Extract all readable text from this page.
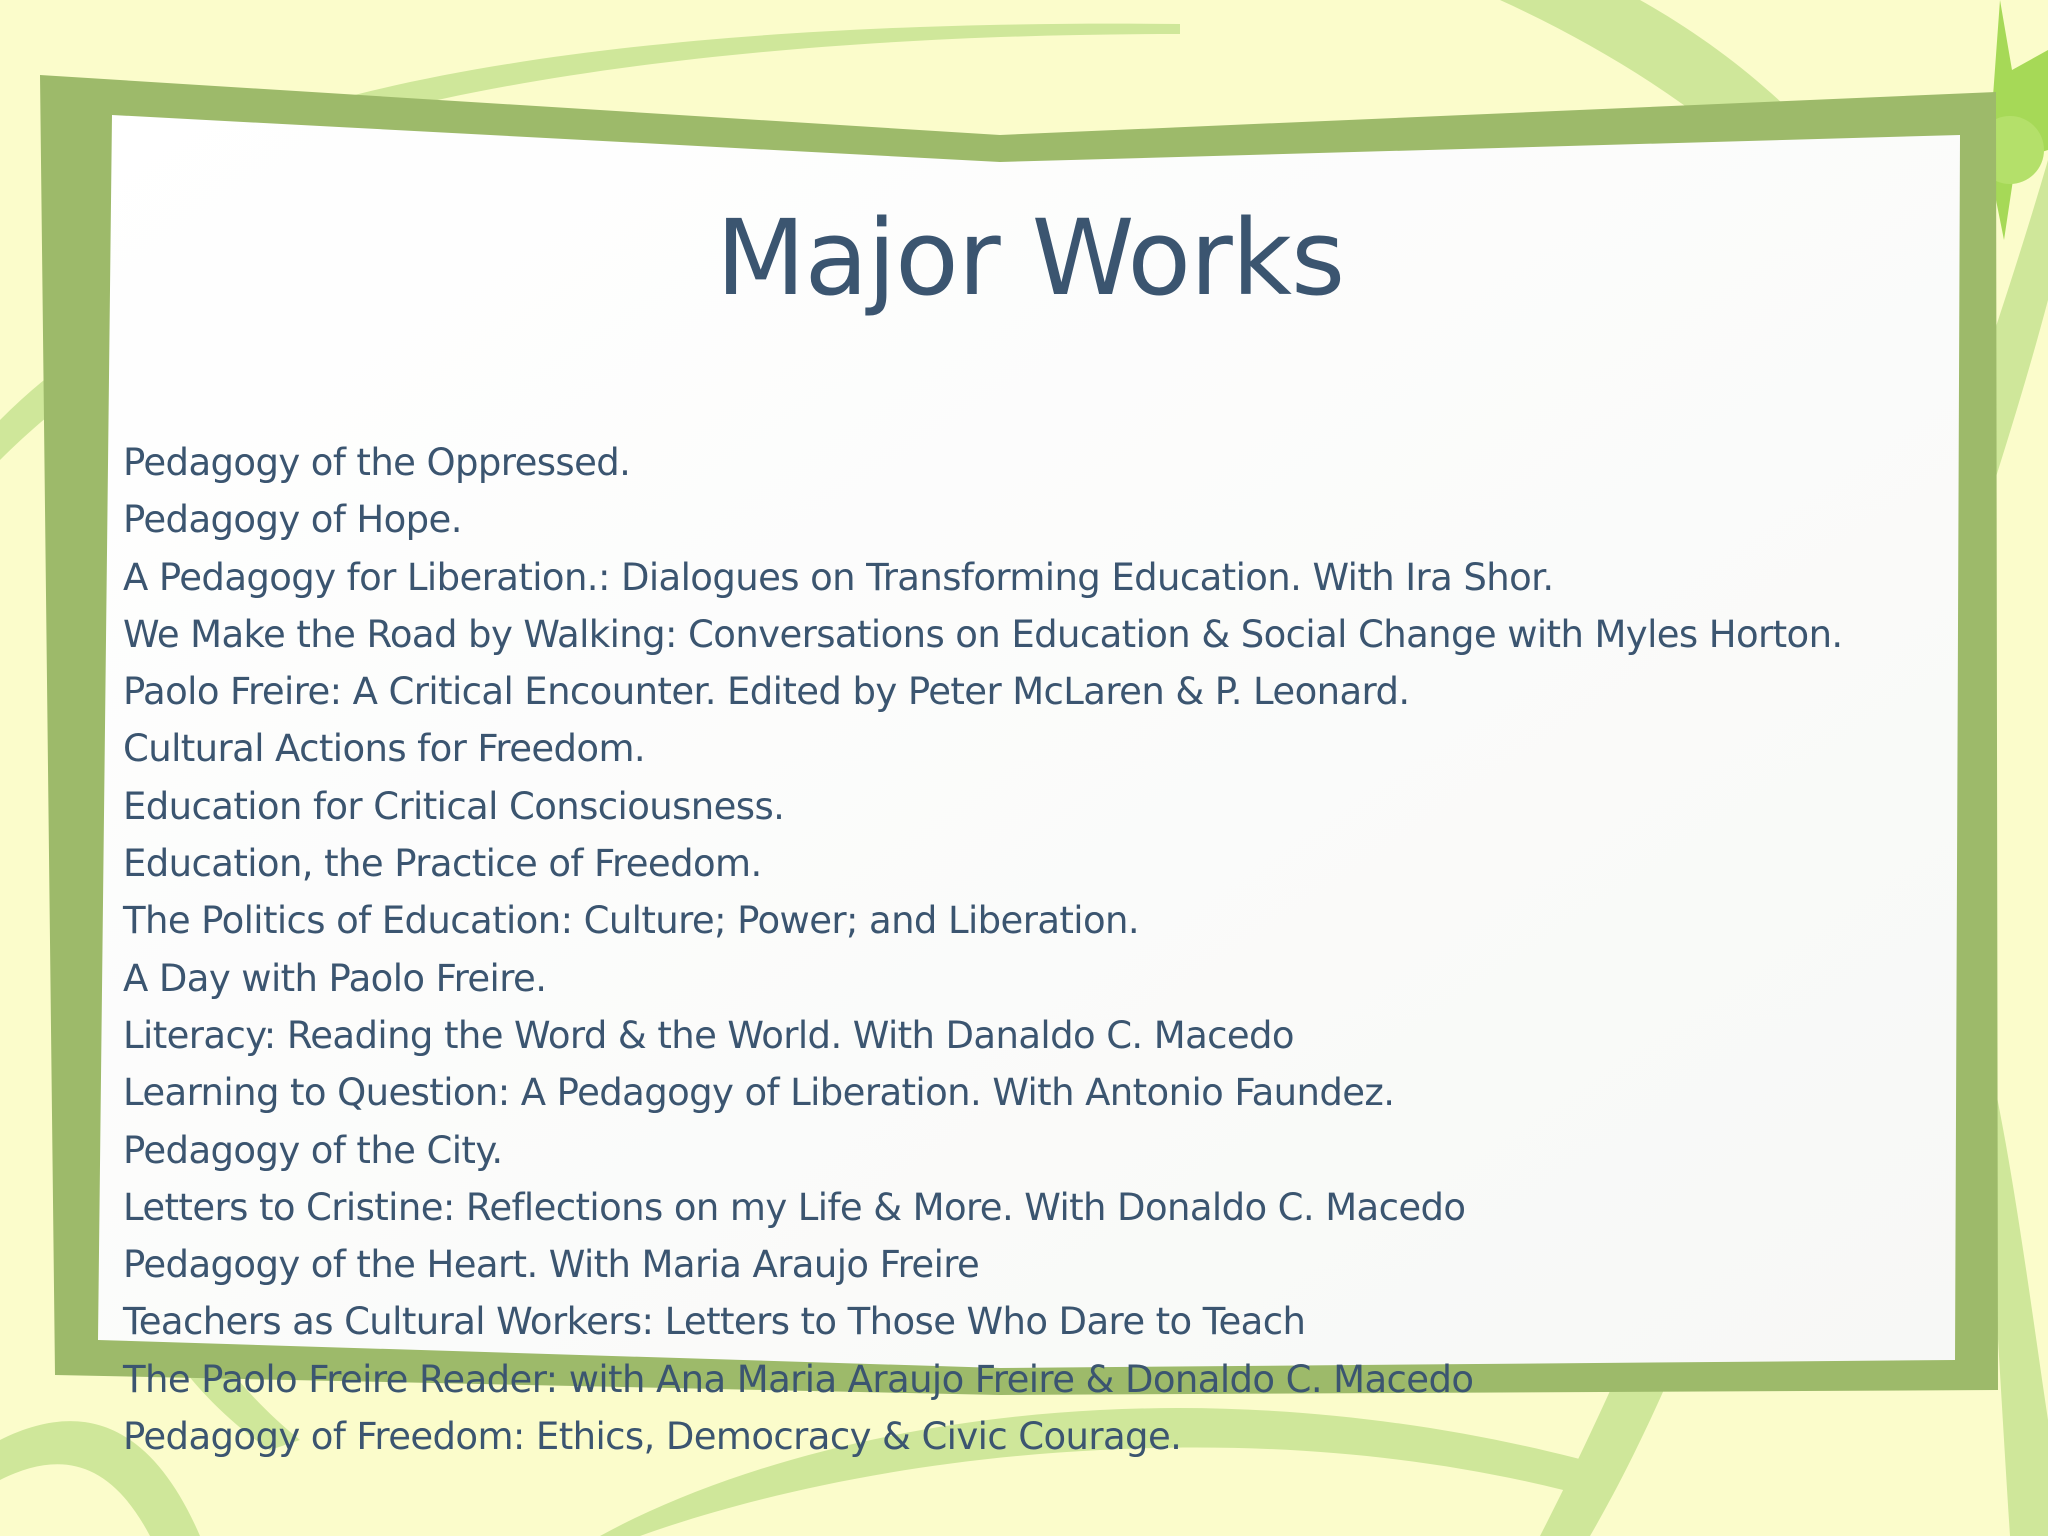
Major Works
Pedagogy of the Oppressed.
Pedagogy of Hope.
A Pedagogy for Liberation.: Dialogues on Transforming Education. With Ira Shor.
We Make the Road by Walking: Conversations on Education & Social Change with Myles Horton.
Paolo Freire: A Critical Encounter. Edited by Peter McLaren & P. Leonard.
Cultural Actions for Freedom.
Education for Critical Consciousness.
Education, the Practice of Freedom.
The Politics of Education: Culture; Power; and Liberation.
A Day with Paolo Freire.
Literacy: Reading the Word & the World. With Danaldo C. Macedo
Learning to Question: A Pedagogy of Liberation. With Antonio Faundez.
Pedagogy of the City.
Letters to Cristine: Reflections on my Life & More. With Donaldo C. Macedo
Pedagogy of the Heart. With Maria Araujo Freire
Teachers as Cultural Workers: Letters to Those Who Dare to Teach
The Paolo Freire Reader: with Ana Maria Araujo Freire & Donaldo C. Macedo
Pedagogy of Freedom: Ethics, Democracy & Civic Courage.
